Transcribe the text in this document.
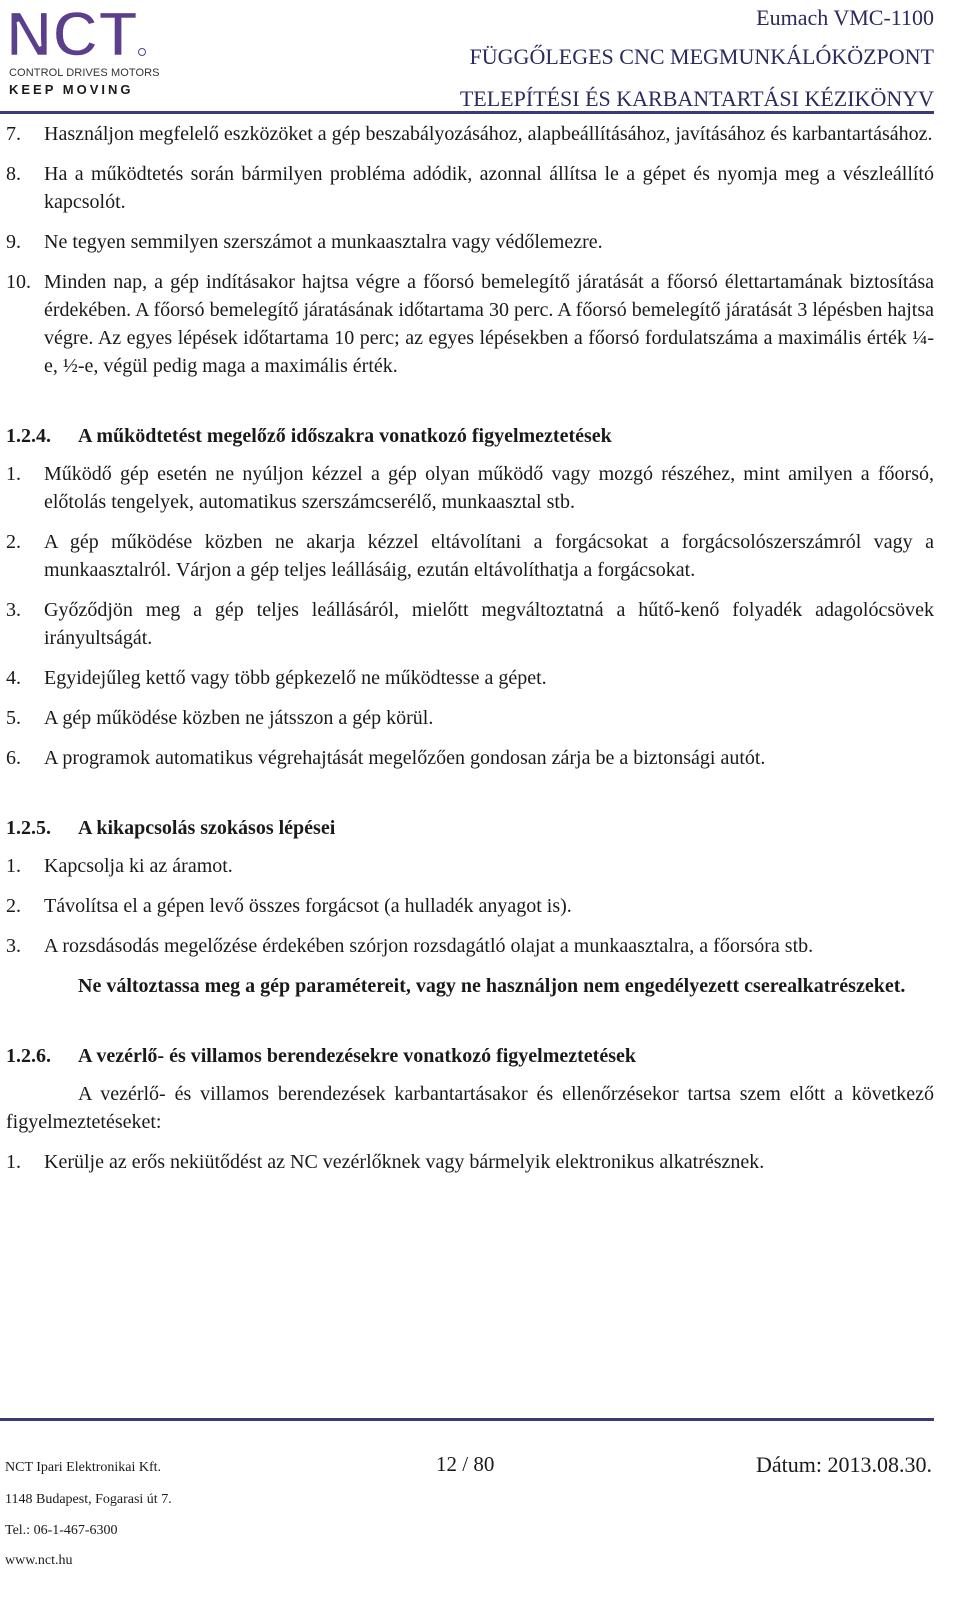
NCT
CONTROL DRIVES MOTORS
KEEP MOVING
Eumach VMC-1100
FÜGGŐLEGES CNC MEGMUNKÁLÓKÖZPONT
TELEPÍTÉSI ÉS KARBANTARTÁSI KÉZIKÖNYV
7. Használjon megfelelő eszközöket a gép beszabályozásához, alapbeállításához, javításához és karbantartásához.
8. Ha a működtetés során bármilyen probléma adódik, azonnal állítsa le a gépet és nyomja meg a vészleállító kapcsolót.
9. Ne tegyen semmilyen szerszámot a munkaasztalra vagy védőlemezre.
10. Minden nap, a gép indításakor hajtsa végre a főorsó bemelegítő járatását a főorsó élettartamának biztosítása érdekében. A főorsó bemelegítő járatásának időtartama 30 perc. A főorsó bemelegítő járatását 3 lépésben hajtsa végre. Az egyes lépések időtartama 10 perc; az egyes lépésekben a főorsó fordulatszáma a maximális érték ¼-e, ½-e, végül pedig maga a maximális érték.
1.2.4. A működtetést megelőző időszakra vonatkozó figyelmeztetések
1. Működő gép esetén ne nyúljon kézzel a gép olyan működő vagy mozgó részéhez, mint amilyen a főorsó, előtolás tengelyek, automatikus szerszámcserélő, munkaasztal stb.
2. A gép működése közben ne akarja kézzel eltávolítani a forgácsokat a forgácsolószerszámról vagy a munkaasztalról. Várjon a gép teljes leállásáig, ezután eltávolíthatja a forgácsokat.
3. Győződjön meg a gép teljes leállásáról, mielőtt megváltoztatná a hűtő-kenő folyadék adagolócsövek irányultságát.
4. Egyidejűleg kettő vagy több gépkezelő ne működtesse a gépet.
5. A gép működése közben ne játsszon a gép körül.
6. A programok automatikus végrehajtását megelőzően gondosan zárja be a biztonsági autót.
1.2.5. A kikapcsolás szokásos lépései
1. Kapcsolja ki az áramot.
2. Távolítsa el a gépen levő összes forgácsot (a hulladék anyagot is).
3. A rozsdásodás megelőzése érdekében szórjon rozsdagátló olajat a munkaasztalra, a főorsóra stb.

Ne változtassa meg a gép paramétereit, vagy ne használjon nem engedélyezett cserealkatrészeket.

1.2.6. A vezérlő- és villamos berendezésekre vonatkozó figyelmeztetések

A vezérlő- és villamos berendezések karbantartásakor és ellenőrzésekor tartsa szem előtt a következő figyelmeztetéseket:

1. Kerülje az erős nekiütődést az NC vezérlőknek vagy bármelyik elektronikus alkatrésznek.
NCT Ipari Elektronikai Kft.	12 / 80	Dátum: 2013.08.30.
1148 Budapest, Fogarasi út 7.
Tel.: 06-1-467-6300
www.nct.hu
